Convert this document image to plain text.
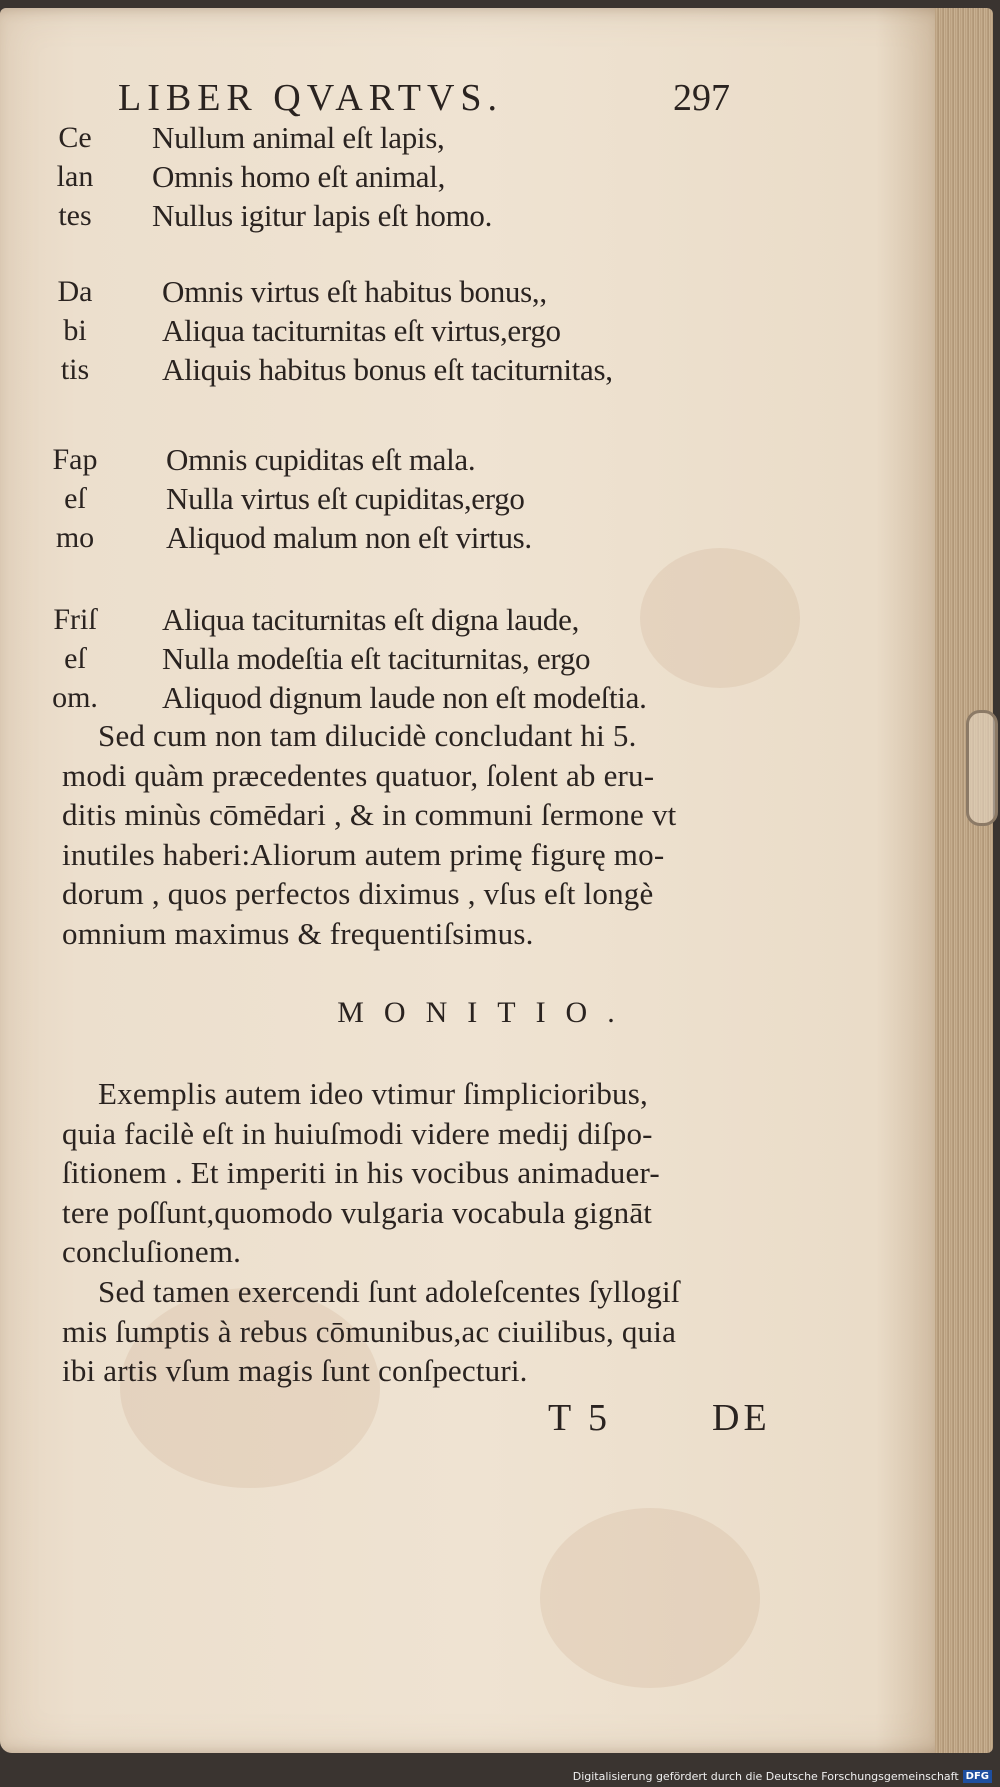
LIBER QVARTVS.	297
Ce	Nullum animal eſt lapis,
lan	Omnis homo eſt animal,
tes	Nullus igitur lapis eſt homo.
Da	Omnis virtus eſt habitus bonus,,
bi	Aliqua taciturnitas eſt virtus,ergo
tis	Aliquis habitus bonus eſt taciturnitas,
Fap	Omnis cupiditas eſt mala.
eſ	Nulla virtus eſt cupiditas,ergo
mo	Aliquod malum non eſt virtus.
Friſ	Aliqua taciturnitas eſt digna laude,
eſ	Nulla modeſtia eſt taciturnitas, ergo
om.	Aliquod dignum laude non eſt modeſtia.
Sed cum non tam dilucidè concludant hi 5.
modi quàm præcedentes quatuor, ſolent ab eru-
ditis minùs cōmēdari , & in communi ſermone vt
inutiles haberi:Aliorum autem primę figurę mo-
dorum , quos perfectos diximus , vſus eſt longè
omnium maximus & frequentiſsimus.
MONITIO.
Exemplis autem ideo vtimur ſimplicioribus,
quia facilè eſt in huiuſmodi videre medij diſpo-
ſitionem . Et imperiti in his vocibus animaduer-
tere poſſunt,quomodo vulgaria vocabula gignāt
concluſionem.
Sed tamen exercendi ſunt adoleſcentes ſyllogiſ
mis ſumptis à rebus cōmunibus,ac ciuilibus, quia
ibi artis vſum magis ſunt conſpecturi.
T 5	DE
Digitalisierung gefördert durch die Deutsche Forschungsgemeinschaft DFG
